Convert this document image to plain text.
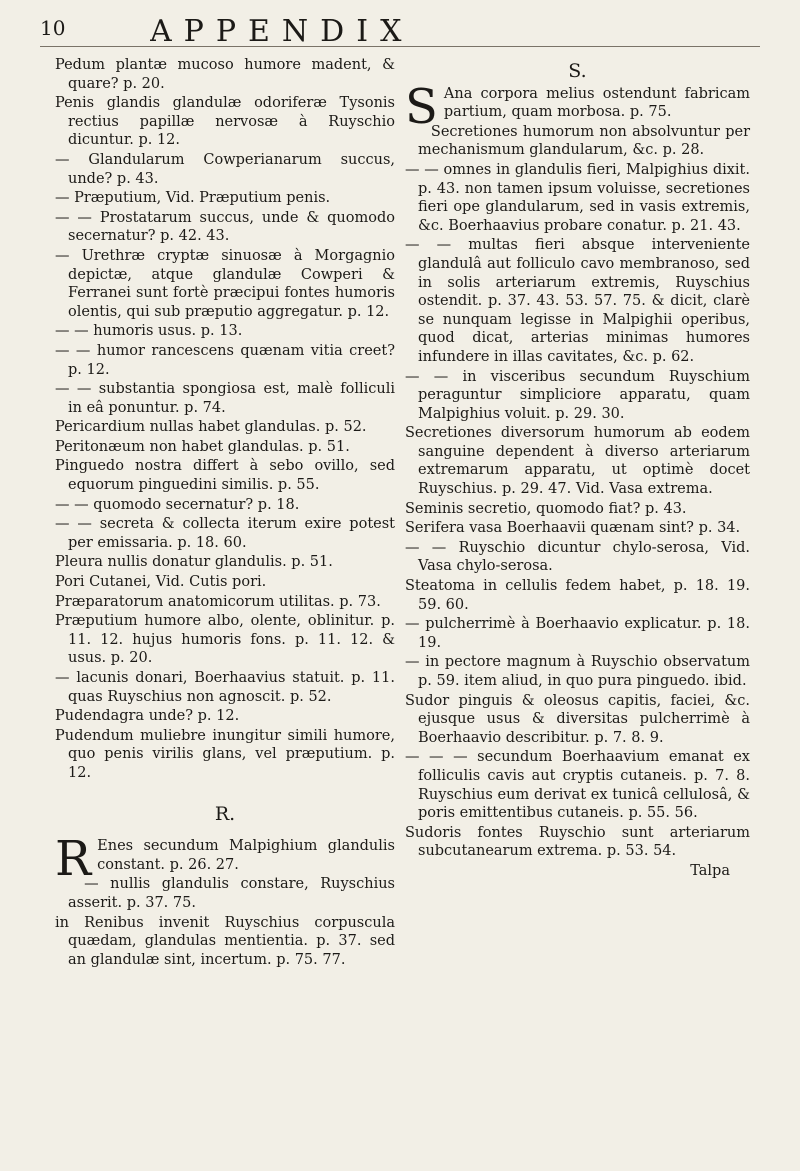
10	APPENDIX

Pedum plantæ mucoso humore madent, & quare? p. 20.

Penis glandis glandulæ odoriferæ Tysonis rectius papillæ nervosæ à Ruyschio dicuntur. p. 12.

— Glandularum Cowperianarum succus, unde? p. 43.

— Præputium, Vid. Præputium penis.

— — Prostatarum succus, unde & quomodo secernatur? p. 42. 43.

— Urethræ cryptæ sinuosæ à Morgagnio depictæ, atque glandulæ Cowperi & Ferranei sunt fortè præcipui fontes humoris olentis, qui sub præputio aggregatur. p. 12.

— — humoris usus. p. 13.

— — humor rancescens quænam vitia creet? p. 12.

— — substantia spongiosa est, malè folliculi in eâ ponuntur. p. 74.

Pericardium nullas habet glandulas. p. 52.

Peritonæum non habet glandulas. p. 51.

Pinguedo nostra differt à sebo ovillo, sed equorum pinguedini similis. p. 55.

— — quomodo secernatur? p. 18.

— — secreta & collecta iterum exire potest per emissaria. p. 18. 60.

Pleura nullis donatur glandulis. p. 51.

Pori Cutanei, Vid. Cutis pori.

Præparatorum anatomicorum utilitas. p. 73.

Præputium humore albo, olente, oblinitur. p. 11. 12. hujus humoris fons. p. 11. 12. & usus. p. 20.

— lacunis donari, Boerhaavius statuit. p. 11. quas Ruyschius non agnoscit. p. 52.

Pudendagra unde? p. 12.

Pudendum muliebre inungitur simili humore, quo penis virilis glans, vel præputium. p. 12.

R.

R Enes secundum Malpighium glandulis constant. p. 26. 27.

— nullis glandulis constare, Ruyschius asserit. p. 37. 75.

in Renibus invenit Ruyschius corpuscula quædam, glandulas mentientia. p. 37. sed an glandulæ sint, incertum. p. 75. 77.

S.

S Ana corpora melius ostendunt fabricam partium, quam morbosa. p. 75.

Secretiones humorum non absolvuntur per mechanismum glandularum, &c. p. 28.

— — omnes in glandulis fieri, Malpighius dixit. p. 43. non tamen ipsum voluisse, secretiones fieri ope glandularum, sed in vasis extremis, &c. Boerhaavius probare conatur. p. 21. 43.

— — multas fieri absque interveniente glandulâ aut folliculo cavo membranoso, sed in solis arteriarum extremis, Ruyschius ostendit. p. 37. 43. 53. 57. 75. & dicit, clarè se nunquam legisse in Malpighii operibus, quod dicat, arterias minimas humores infundere in illas cavitates, &c. p. 62.

— — in visceribus secundum Ruyschium peraguntur simpliciore apparatu, quam Malpighius voluit. p. 29. 30.

Secretiones diversorum humorum ab eodem sanguine dependent à diverso arteriarum extremarum apparatu, ut optimè docet Ruyschius. p. 29. 47. Vid. Vasa extrema.

Seminis secretio, quomodo fiat? p. 43.

Serifera vasa Boerhaavii quænam sint? p. 34.

— — Ruyschio dicuntur chylo-serosa, Vid. Vasa chylo-serosa.

Steatoma in cellulis fedem habet, p. 18. 19. 59. 60.

— pulcherrimè à Boerhaavio explicatur. p. 18. 19.

— in pectore magnum à Ruyschio observatum p. 59. item aliud, in quo pura pinguedo. ibid.

Sudor pinguis & oleosus capitis, faciei, &c. ejusque usus & diversitas pulcherrimè à Boerhaavio describitur. p. 7. 8. 9.

— — — secundum Boerhaavium emanat ex folliculis cavis aut cryptis cutaneis. p. 7. 8. Ruyschius eum derivat ex tunicâ cellulosâ, & poris emittentibus cutaneis. p. 55. 56.

Sudoris fontes Ruyschio sunt arteriarum subcutanearum extrema. p. 53. 54.

Talpa
